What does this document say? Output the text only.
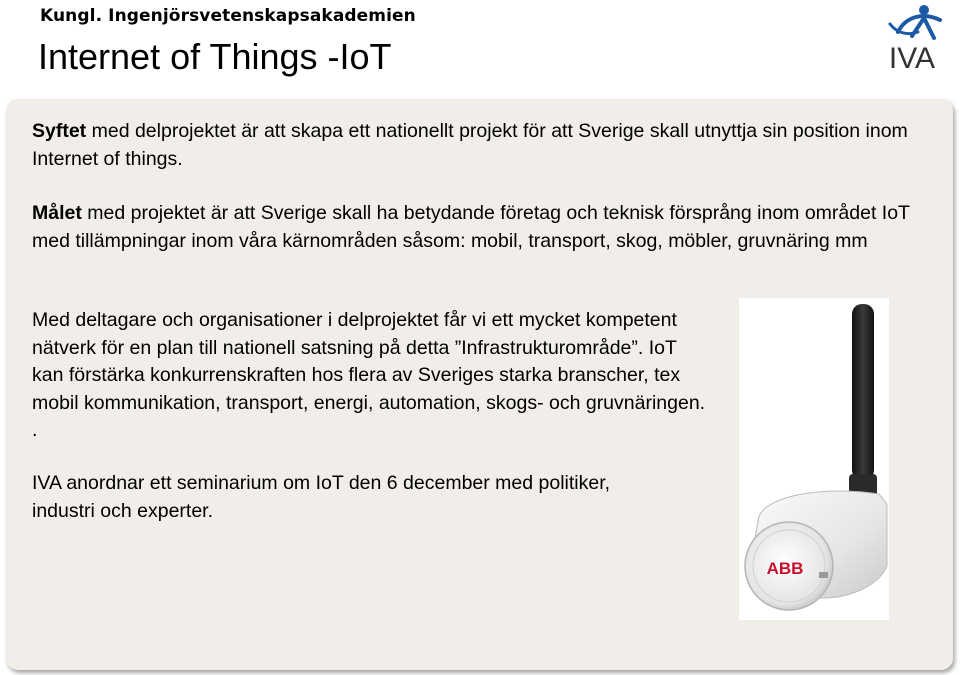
Kungl. Ingenjörsvetenskapsakademien
Internet of Things -IoT	IVA
Syftet med delprojektet är att skapa ett nationellt projekt för att Sverige skall utnyttja sin position inom Internet of things.
Målet med projektet är att Sverige skall ha betydande företag och teknisk försprång inom området IoT med tillämpningar inom våra kärnområden såsom: mobil, transport, skog, möbler, gruvnäring mm
Med deltagare och organisationer i delprojektet får vi ett mycket kompetent nätverk för en plan till nationell satsning på detta ”Infrastrukturområde”. IoT kan förstärka konkurrenskraften hos flera av Sveriges starka branscher, tex mobil kommunikation, transport, energi, automation, skogs- och gruvnäringen. .
IVA anordnar ett seminarium om IoT den 6 december med politiker, industri och experter.
ABB
